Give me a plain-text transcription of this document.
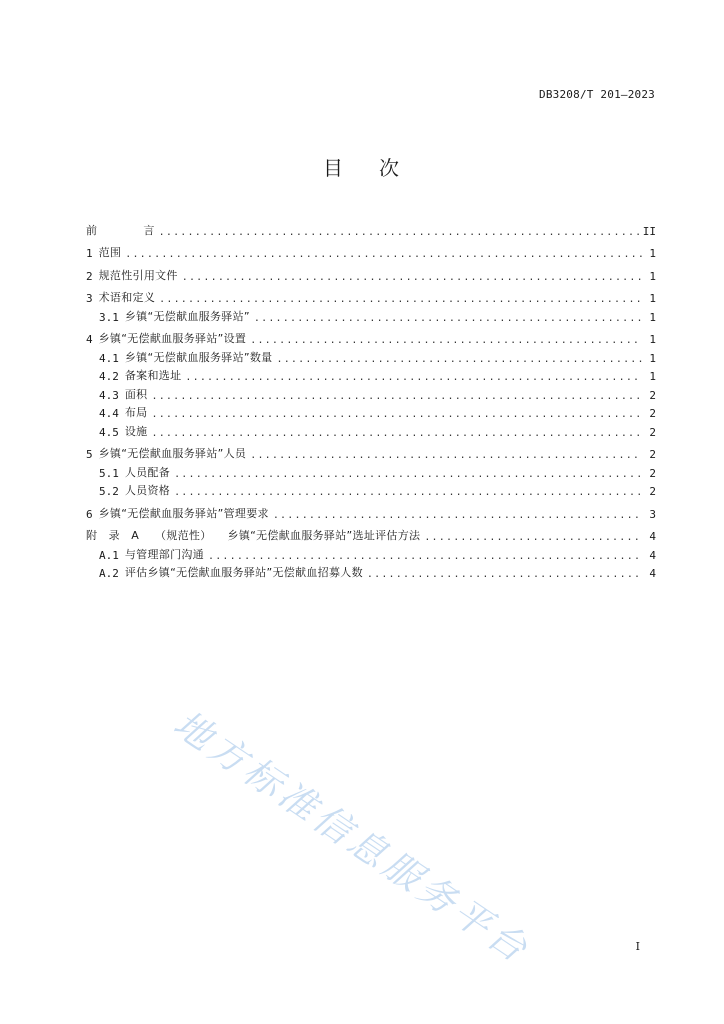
DB3208/T 201—2023
目 次
前	言 .....	II
1 范围 .....	1
2 规范性引用文件 .....	1
3 术语和定义 .....	1
3.1 乡镇“无偿献血服务驿站” .....	1
4 乡镇“无偿献血服务驿站”设置 .....	1
4.1 乡镇“无偿献血服务驿站”数量 .....	1
4.2 备案和选址 .....	1
4.3 面积 .....	2
4.4 布局 .....	2
4.5 设施 .....	2
5 乡镇“无偿献血服务驿站”人员 .....	2
5.1 人员配备 .....	2
5.2 人员资格 .....	2
6 乡镇“无偿献血服务驿站”管理要求 .....	3
附　录　A （规范性） 乡镇“无偿献血服务驿站”选址评估方法 .....	4
A.1 与管理部门沟通 .....	4
A.2 评估乡镇“无偿献血服务驿站”无偿献血招募人数 .....	4
地方标准信息服务平台	I
